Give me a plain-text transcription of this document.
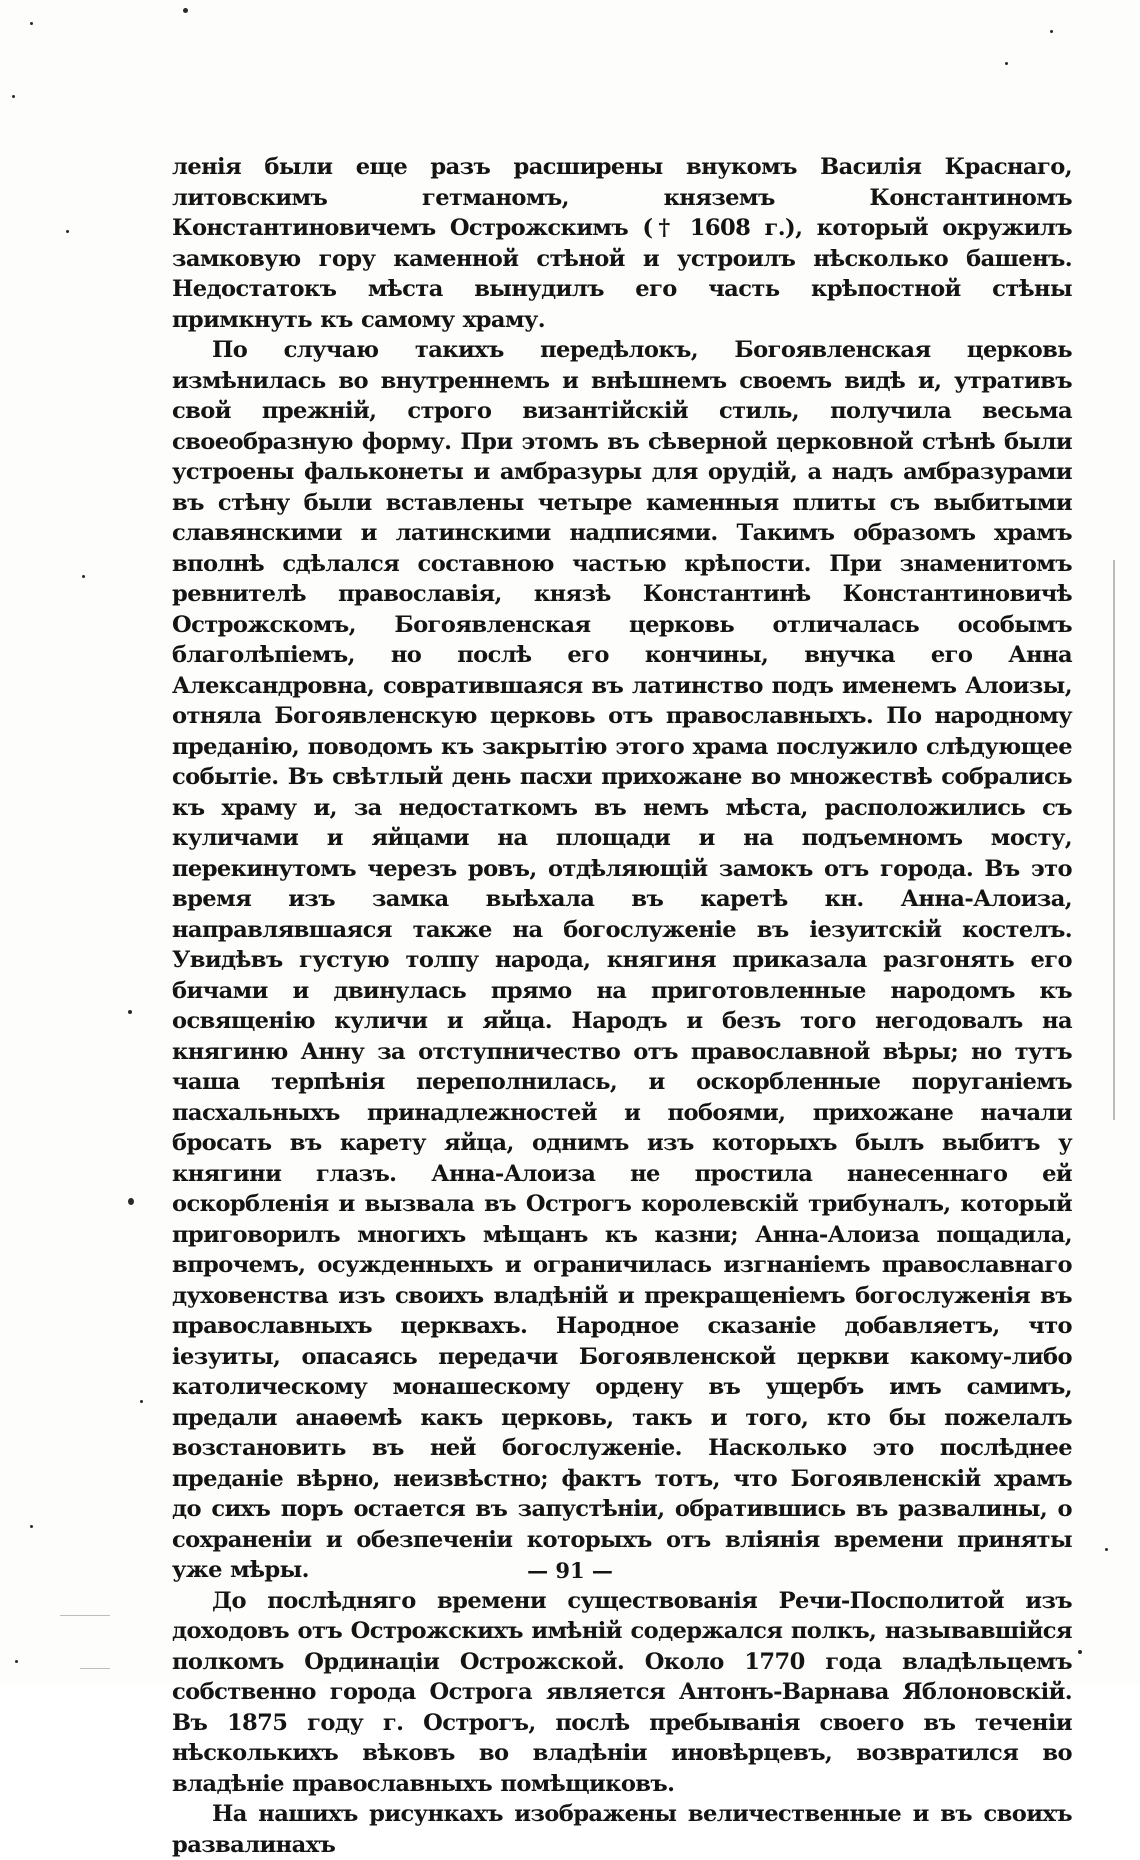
ленія были еще разъ расширены внукомъ Василія Краснаго, литовскимъ гетманомъ, княземъ Константиномъ Константиновичемъ Острожскимъ († 1608 г.), который окружилъ замковую гору каменной стѣной и устроилъ нѣсколько башенъ. Недостатокъ мѣста вынудилъ его часть крѣпостной стѣны примкнуть къ самому храму.

По случаю такихъ передѣлокъ, Богоявленская церковь измѣнилась во внутреннемъ и внѣшнемъ своемъ видѣ и, утративъ свой прежній, строго византійскій стиль, получила весьма своеобразную форму. При этомъ въ сѣверной церковной стѣнѣ были устроены фальконеты и амбразуры для орудій, а надъ амбразурами въ стѣну были вставлены четыре каменныя плиты съ выбитыми славянскими и латинскими надписями. Такимъ образомъ храмъ вполнѣ сдѣлался составною частью крѣпости. При знаменитомъ ревнителѣ православія, князѣ Константинѣ Константиновичѣ Острожскомъ, Богоявленская церковь отличалась особымъ благолѣпіемъ, но послѣ его кончины, внучка его Анна Александровна, совратившаяся въ латинство подъ именемъ Алоизы, отняла Богоявленскую церковь отъ православныхъ. По народному преданію, поводомъ къ закрытію этого храма послужило слѣдующее событіе. Въ свѣтлый день пасхи прихожане во множествѣ собрались къ храму и, за недостаткомъ въ немъ мѣста, расположились съ куличами и яйцами на площади и на подъемномъ мосту, перекинутомъ черезъ ровъ, отдѣляющій замокъ отъ города. Въ это время изъ замка выѣхала въ каретѣ кн. Анна-Алоиза, направлявшаяся также на богослуженіе въ іезуитскій костелъ. Увидѣвъ густую толпу народа, княгиня приказала разгонять его бичами и двинулась прямо на приготовленные народомъ къ освященію куличи и яйца. Народъ и безъ того негодовалъ на княгиню Анну за отступничество отъ православной вѣры; но тутъ чаша терпѣнія переполнилась, и оскорбленные поруганіемъ пасхальныхъ принадлежностей и побоями, прихожане начали бросать въ карету яйца, однимъ изъ которыхъ былъ выбитъ у княгини глазъ. Анна-Алоиза не простила нанесеннаго ей оскорбленія и вызвала въ Острогъ королевскій трибуналъ, который приговорилъ многихъ мѣщанъ къ казни; Анна-Алоиза пощадила, впрочемъ, осужденныхъ и ограничилась изгнаніемъ православнаго духовенства изъ своихъ владѣній и прекращеніемъ богослуженія въ православныхъ церквахъ. Народное сказаніе добавляетъ, что іезуиты, опасаясь передачи Богоявленской церкви какому-либо католическому монашескому ордену въ ущербъ имъ самимъ, предали анаѳемѣ какъ церковь, такъ и того, кто бы пожелалъ возстановить въ ней богослуженіе. Насколько это послѣднее преданіе вѣрно, неизвѣстно; фактъ тотъ, что Богоявленскій храмъ до сихъ поръ остается въ запустѣніи, обратившись въ развалины, о сохраненіи и обезпеченіи которыхъ отъ вліянія времени приняты уже мѣры.

До послѣдняго времени существованія Речи-Посполитой изъ доходовъ отъ Острожскихъ имѣній содержался полкъ, называвшійся полкомъ Ординаціи Острожской. Около 1770 года владѣльцемъ собственно города Острога является Антонъ-Варнава Яблоновскій. Въ 1875 году г. Острогъ, послѣ пребыванія своего въ теченіи нѣсколькихъ вѣковъ во владѣніи иновѣрцевъ, возвратился во владѣніе православныхъ помѣщиковъ.

На нашихъ рисункахъ изображены величественные и въ своихъ развалинахъ

— 91 —
